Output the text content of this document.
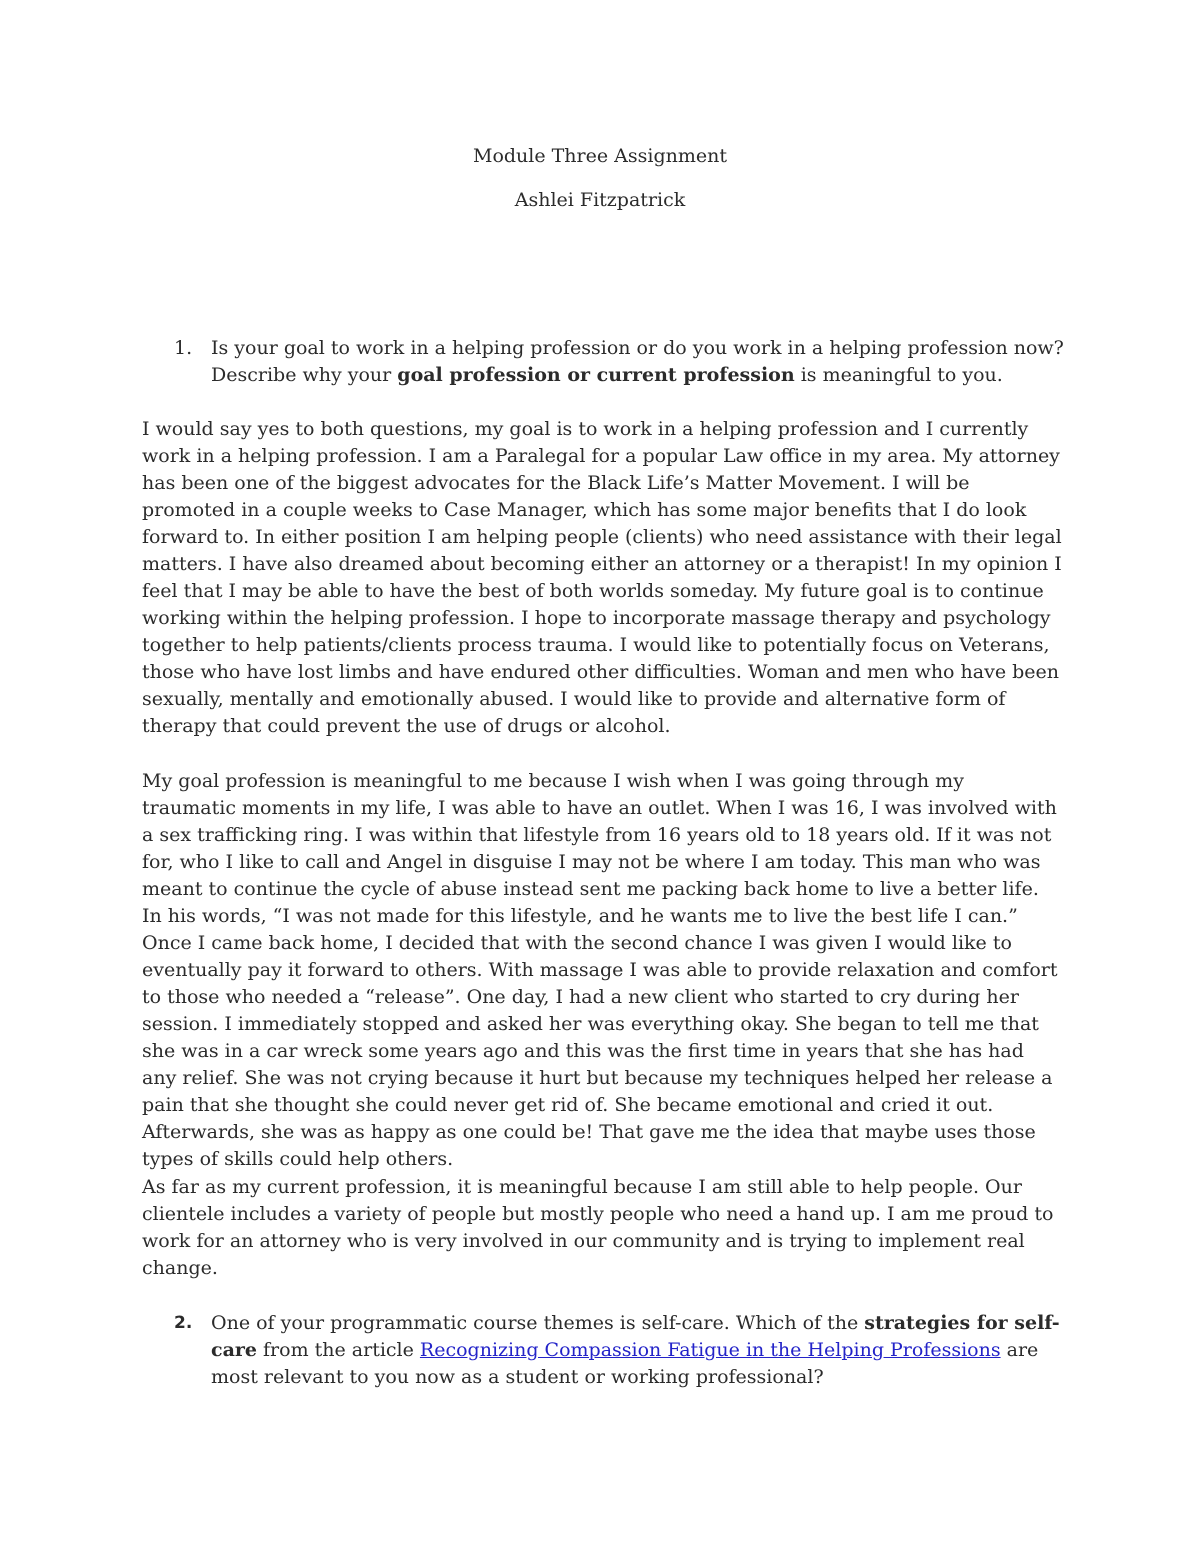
Module Three Assignment
Ashlei Fitzpatrick
1. Is your goal to work in a helping profession or do you work in a helping profession now? Describe why your goal profession or current profession is meaningful to you.

I would say yes to both questions, my goal is to work in a helping profession and I currently work in a helping profession. I am a Paralegal for a popular Law office in my area. My attorney has been one of the biggest advocates for the Black Life’s Matter Movement. I will be promoted in a couple weeks to Case Manager, which has some major benefits that I do look forward to. In either position I am helping people (clients) who need assistance with their legal matters. I have also dreamed about becoming either an attorney or a therapist! In my opinion I feel that I may be able to have the best of both worlds someday. My future goal is to continue working within the helping profession. I hope to incorporate massage therapy and psychology together to help patients/clients process trauma. I would like to potentially focus on Veterans, those who have lost limbs and have endured other difficulties. Woman and men who have been sexually, mentally and emotionally abused. I would like to provide and alternative form of therapy that could prevent the use of drugs or alcohol.

My goal profession is meaningful to me because I wish when I was going through my traumatic moments in my life, I was able to have an outlet. When I was 16, I was involved with a sex trafficking ring. I was within that lifestyle from 16 years old to 18 years old. If it was not for, who I like to call and Angel in disguise I may not be where I am today. This man who was meant to continue the cycle of abuse instead sent me packing back home to live a better life. In his words, “I was not made for this lifestyle, and he wants me to live the best life I can.” Once I came back home, I decided that with the second chance I was given I would like to eventually pay it forward to others. With massage I was able to provide relaxation and comfort to those who needed a “release”. One day, I had a new client who started to cry during her session. I immediately stopped and asked her was everything okay. She began to tell me that she was in a car wreck some years ago and this was the first time in years that she has had any relief. She was not crying because it hurt but because my techniques helped her release a pain that she thought she could never get rid of. She became emotional and cried it out. Afterwards, she was as happy as one could be! That gave me the idea that maybe uses those types of skills could help others.

As far as my current profession, it is meaningful because I am still able to help people. Our clientele includes a variety of people but mostly people who need a hand up. I am me proud to work for an attorney who is very involved in our community and is trying to implement real change.

2. One of your programmatic course themes is self-care. Which of the strategies for self-care from the article Recognizing Compassion Fatigue in the Helping Professions are most relevant to you now as a student or working professional?
